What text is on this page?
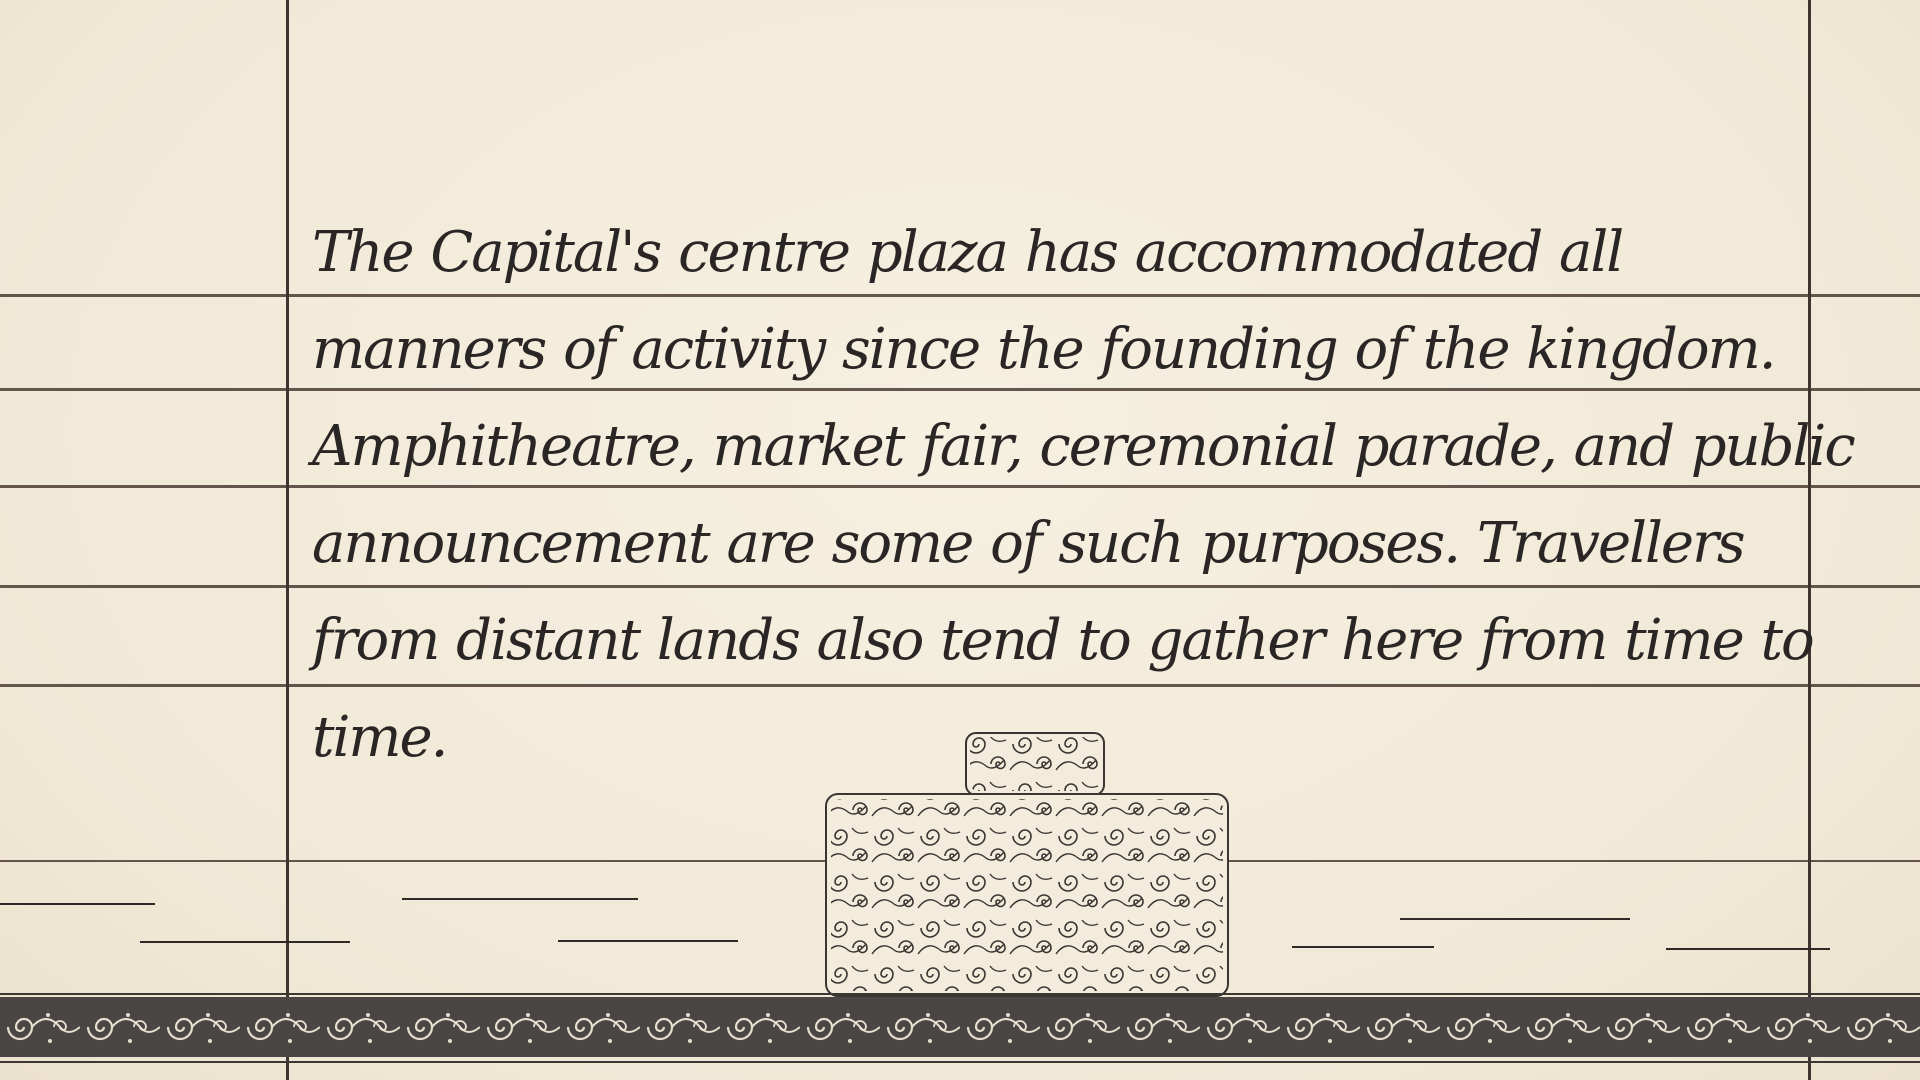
The Capital's centre plaza has accommodated all manners of activity since the founding of the kingdom. Amphitheatre, market fair, ceremonial parade, and public announcement are some of such purposes. Travellers from distant lands also tend to gather here from time to time.
